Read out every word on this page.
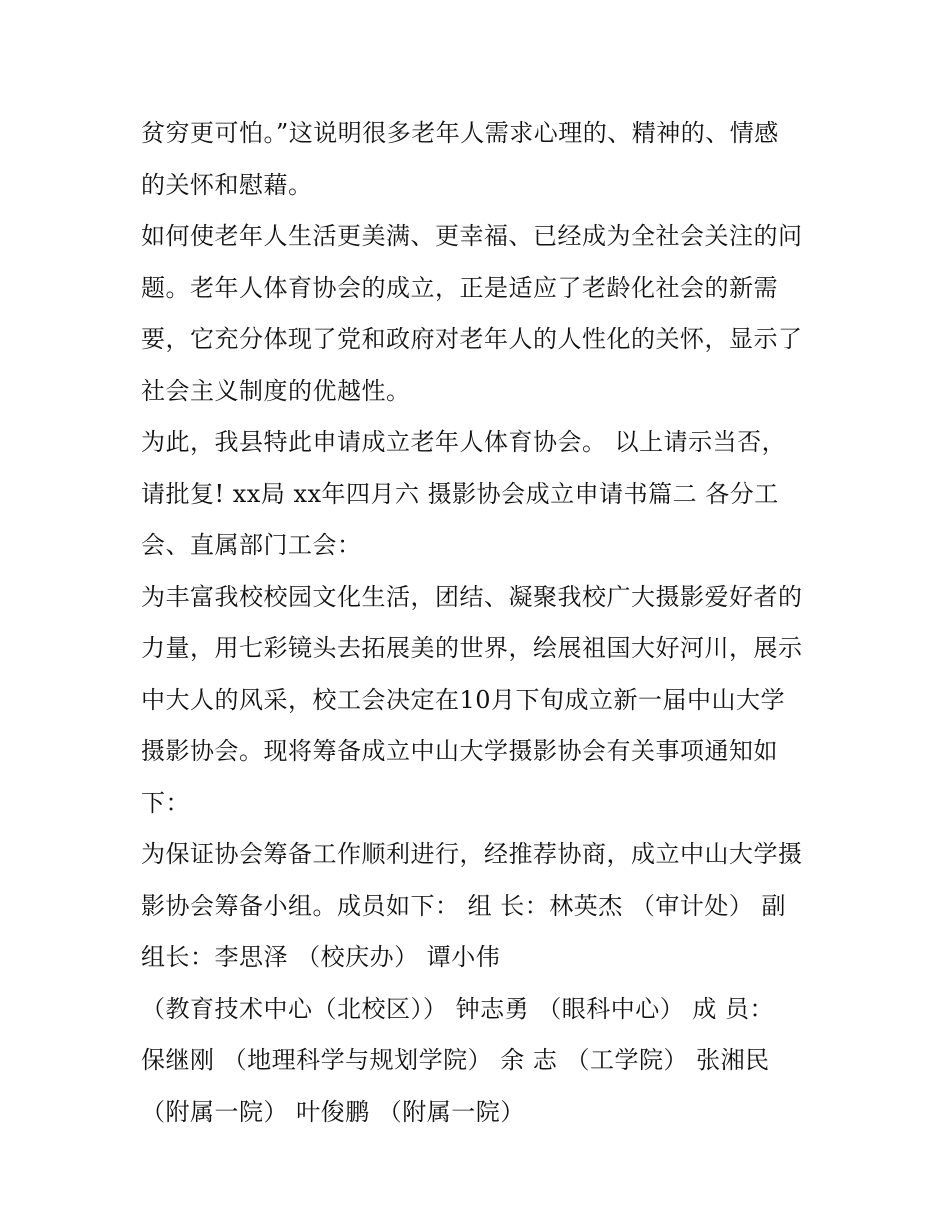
贫穷更可怕。”这说明很多老年人需求心理的、精神的、情感
的关怀和慰藉。
如何使老年人生活更美满、更幸福、已经成为全社会关注的问
题。老年人体育协会的成立，正是适应了老龄化社会的新需
要，它充分体现了党和政府对老年人的人性化的关怀，显示了
社会主义制度的优越性。
为此，我县特此申请成立老年人体育协会。 以上请示当否，
请批复! xx局 xx年四月六 摄影协会成立申请书篇二 各分工
会、直属部门工会：
为丰富我校校园文化生活，团结、凝聚我校广大摄影爱好者的
力量，用七彩镜头去拓展美的世界，绘展祖国大好河川，展示
中大人的风采，校工会决定在10月下旬成立新一届中山大学
摄影协会。现将筹备成立中山大学摄影协会有关事项通知如
下：
为保证协会筹备工作顺利进行，经推荐协商，成立中山大学摄
影协会筹备小组。成员如下： 组 长：林英杰 （审计处） 副
组长：李思泽 （校庆办） 谭小伟
（教育技术中心（北校区）） 钟志勇 （眼科中心） 成 员：
保继刚 （地理科学与规划学院） 余 志 （工学院） 张湘民
（附属一院） 叶俊鹏 （附属一院）
